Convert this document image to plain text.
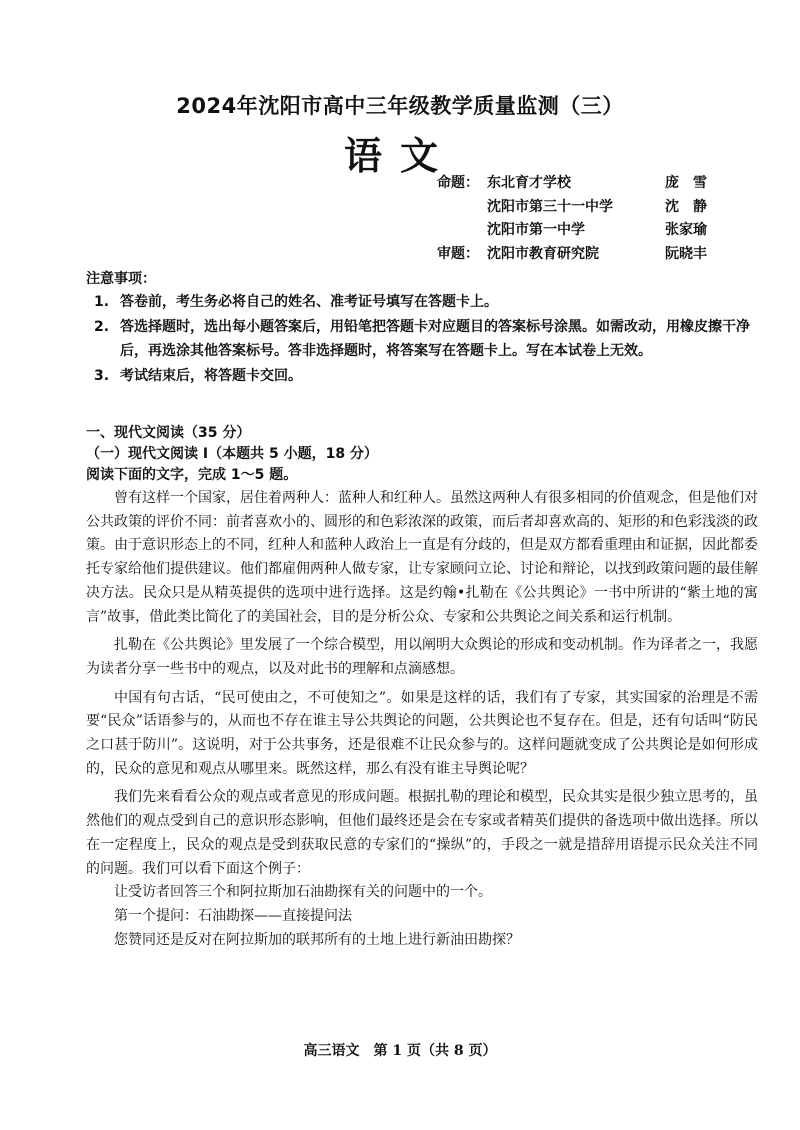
2024年沈阳市高中三年级教学质量监测（三）
语文
命题： 东北育才学校	庞　雪
沈阳市第三十一中学	沈　静
沈阳市第一中学	张家瑜
审题： 沈阳市教育研究院	阮晓丰
注意事项：
1. 答卷前，考生务必将自己的姓名、准考证号填写在答题卡上。
2. 答选择题时，选出每小题答案后，用铅笔把答题卡对应题目的答案标号涂黑。如需改动，用橡皮擦干净后，再选涂其他答案标号。答非选择题时，将答案写在答题卡上。写在本试卷上无效。
3. 考试结束后，将答题卡交回。
一、现代文阅读（35 分）
（一）现代文阅读 I（本题共 5 小题，18 分）
阅读下面的文字，完成 1～5 题。

曾有这样一个国家，居住着两种人：蓝种人和红种人。虽然这两种人有很多相同的价值观念，但是他们对公共政策的评价不同：前者喜欢小的、圆形的和色彩浓深的政策，而后者却喜欢高的、矩形的和色彩浅淡的政策。由于意识形态上的不同，红种人和蓝种人政治上一直是有分歧的，但是双方都看重理由和证据，因此都委托专家给他们提供建议。他们都雇佣两种人做专家，让专家顾问立论、讨论和辩论，以找到政策问题的最佳解决方法。民众只是从精英提供的选项中进行选择。这是约翰•扎勒在《公共舆论》一书中所讲的“紫土地的寓言”故事，借此类比简化了的美国社会，目的是分析公众、专家和公共舆论之间关系和运行机制。

扎勒在《公共舆论》里发展了一个综合模型，用以阐明大众舆论的形成和变动机制。作为译者之一，我愿为读者分享一些书中的观点，以及对此书的理解和点滴感想。

中国有句古话，“民可使由之，不可使知之”。如果是这样的话，我们有了专家，其实国家的治理是不需要“民众”话语参与的，从而也不存在谁主导公共舆论的问题，公共舆论也不复存在。但是，还有句话叫“防民之口甚于防川”。这说明，对于公共事务，还是很难不让民众参与的。这样问题就变成了公共舆论是如何形成的，民众的意见和观点从哪里来。既然这样，那么有没有谁主导舆论呢？

我们先来看看公众的观点或者意见的形成问题。根据扎勒的理论和模型，民众其实是很少独立思考的，虽然他们的观点受到自己的意识形态影响，但他们最终还是会在专家或者精英们提供的备选项中做出选择。所以在一定程度上，民众的观点是受到获取民意的专家们的“操纵”的，手段之一就是措辞用语提示民众关注不同的问题。我们可以看下面这个例子：

让受访者回答三个和阿拉斯加石油勘探有关的问题中的一个。

第一个提问：石油勘探——直接提问法

您赞同还是反对在阿拉斯加的联邦所有的土地上进行新油田勘探？

高三语文　第 1 页（共 8 页）
